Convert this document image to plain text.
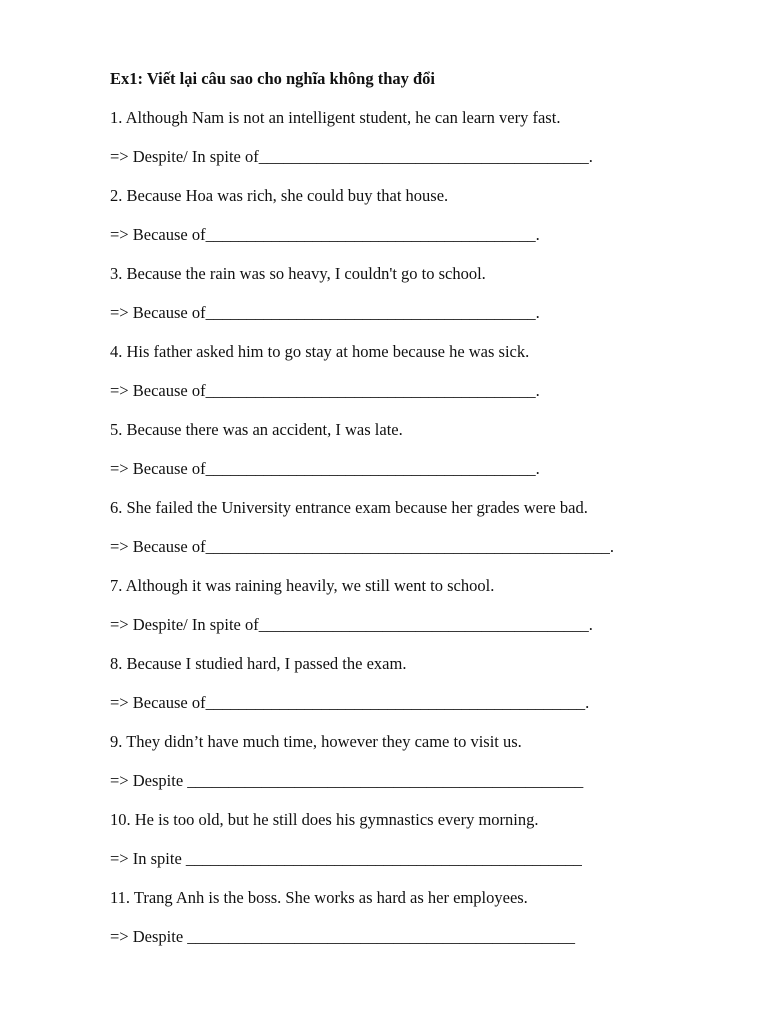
Ex1: Viết lại câu sao cho nghĩa không thay đổi
1. Although Nam is not an intelligent student, he can learn very fast.
=> Despite/ In spite of________________________________________.
2. Because Hoa was rich, she could buy that house.
=> Because of________________________________________.
3. Because the rain was so heavy, I couldn't go to school.
=> Because of________________________________________.
4. His father asked him to go stay at home because he was sick.
=> Because of________________________________________.
5. Because there was an accident, I was late.
=> Because of________________________________________.
6. She failed the University entrance exam because her grades were bad.
=> Because of_________________________________________________.
7. Although it was raining heavily, we still went to school.
=> Despite/ In spite of________________________________________.
8. Because I studied hard, I passed the exam.
=> Because of______________________________________________.
9. They didn’t have much time, however they came to visit us.
=> Despite ________________________________________________
10. He is too old, but he still does his gymnastics every morning.
=> In spite ________________________________________________
11. Trang Anh is the boss. She works as hard as her employees.
=> Despite _______________________________________________
